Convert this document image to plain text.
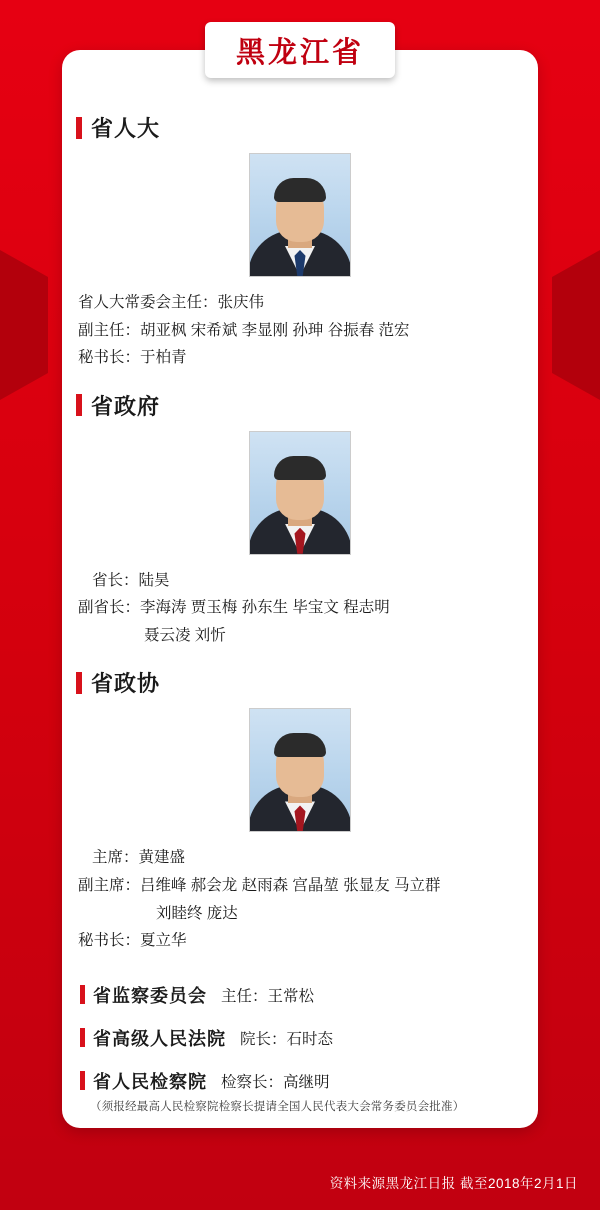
省人大
省人大常委会主任：张庆伟
副主任：胡亚枫 宋希斌 李显刚 孙珅 谷振春 范宏
秘书长：于柏青
省政府
省长：陆昊
副省长：李海涛 贾玉梅 孙东生 毕宝文 程志明
聂云凌 刘忻
省政协
主席：黄建盛
副主席：吕维峰 郝会龙 赵雨森 宫晶堃 张显友 马立群
刘睦终 庞达
秘书长：夏立华
省监察委员会 主任：王常松
省高级人民法院 院长：石时态
省人民检察院 检察长：高继明
（须报经最高人民检察院检察长提请全国人民代表大会常务委员会批准）
黑龙江省
资料来源黑龙江日报 截至2018年2月1日
